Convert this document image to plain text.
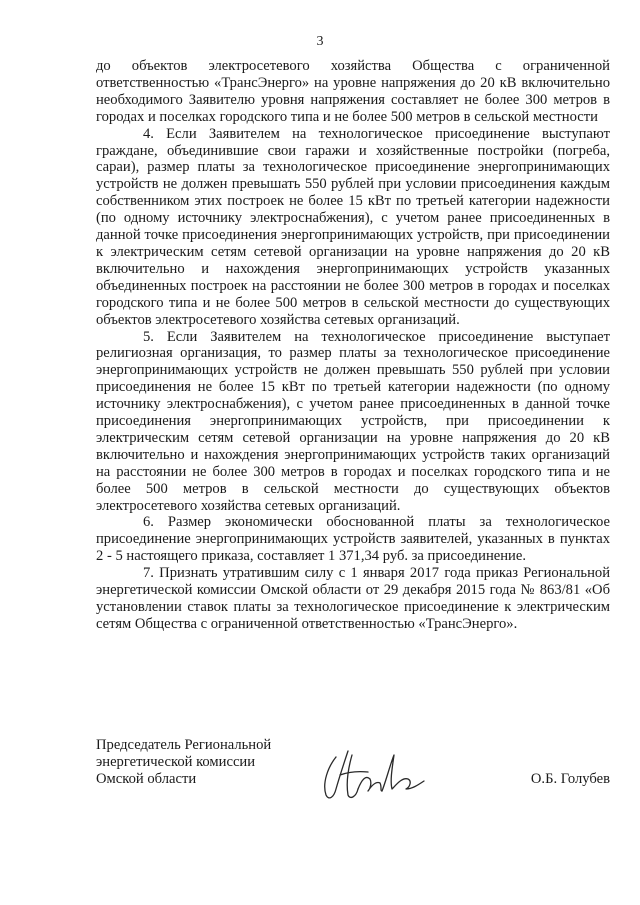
3

до объектов электросетевого хозяйства Общества с ограниченной ответственностью «ТрансЭнерго» на уровне напряжения до 20 кВ включительно необходимого Заявителю уровня напряжения составляет не более 300 метров в городах и поселках городского типа и не более 500 метров в сельской местности

4. Если Заявителем на технологическое присоединение выступают граждане, объединившие свои гаражи и хозяйственные постройки (погреба, сараи), размер платы за технологическое присоединение энергопринимающих устройств не должен превышать 550 рублей при условии присоединения каждым собственником этих построек не более 15 кВт по третьей категории надежности (по одному источнику электроснабжения), с учетом ранее присоединенных в данной точке присоединения энергопринимающих устройств, при присоединении к электрическим сетям сетевой организации на уровне напряжения до 20 кВ включительно и нахождения энергопринимающих устройств указанных объединенных построек на расстоянии не более 300 метров в городах и поселках городского типа и не более 500 метров в сельской местности до существующих объектов электросетевого хозяйства сетевых организаций.

5. Если Заявителем на технологическое присоединение выступает религиозная организация, то размер платы за технологическое присоединение энергопринимающих устройств не должен превышать 550 рублей при условии присоединения не более 15 кВт по третьей категории надежности (по одному источнику электроснабжения), с учетом ранее присоединенных в данной точке присоединения энергопринимающих устройств, при присоединении к электрическим сетям сетевой организации на уровне напряжения до 20 кВ включительно и нахождения энергопринимающих устройств таких организаций на расстоянии не более 300 метров в городах и поселках городского типа и не более 500 метров в сельской местности до существующих объектов электросетевого хозяйства сетевых организаций.

6. Размер экономически обоснованной платы за технологическое присоединение энергопринимающих устройств заявителей, указанных в пунктах 2 - 5 настоящего приказа, составляет 1 371,34 руб. за присоединение.

7. Признать утратившим силу с 1 января 2017 года приказ Региональной энергетической комиссии Омской области от 29 декабря 2015 года № 863/81 «Об установлении ставок платы за технологическое присоединение к электрическим сетям Общества с ограниченной ответственностью «ТрансЭнерго».

Председатель Региональной
энергетической комиссии
Омской области	О.Б. Голубев
